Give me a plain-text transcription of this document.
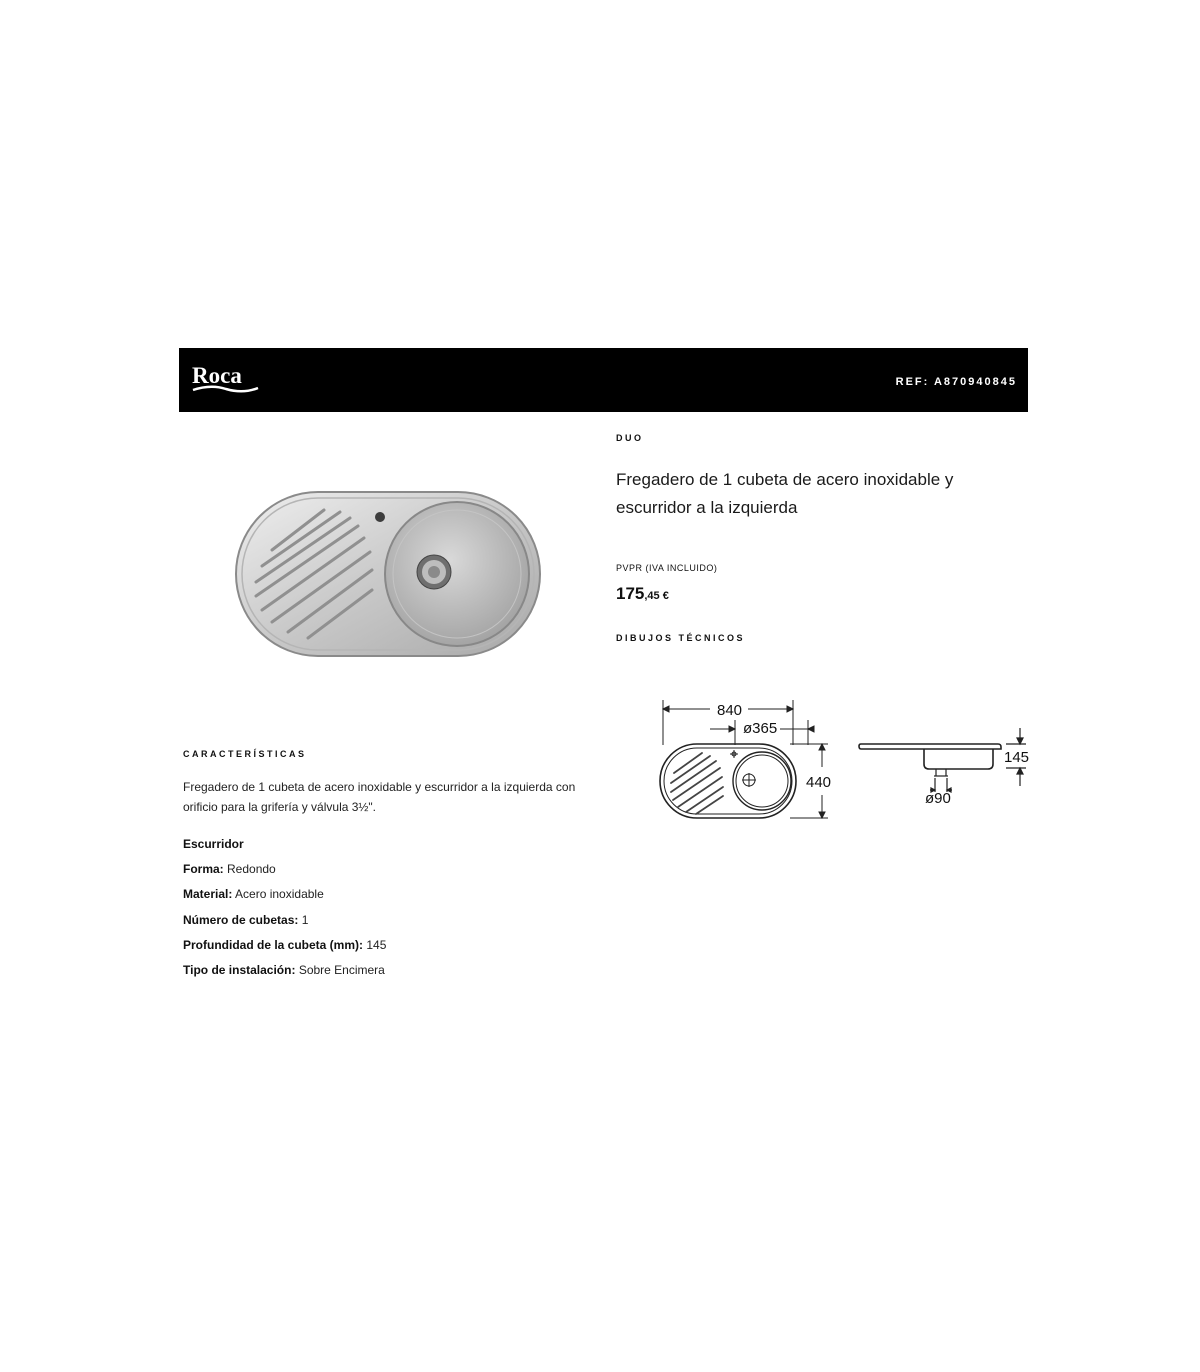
Roca	REF: A870940845
DUO
Fregadero de 1 cubeta de acero inoxidable y escurridor a la izquierda
PVPR (IVA INCLUIDO)
175,45 €
DIBUJOS TÉCNICOS
840
ø365
440
145
ø90
CARACTERÍSTICAS
Fregadero de 1 cubeta de acero inoxidable y escurridor a la izquierda con orificio para la grifería y válvula 3½".
Escurridor
Forma: Redondo
Material: Acero inoxidable
Número de cubetas: 1
Profundidad de la cubeta (mm): 145
Tipo de instalación: Sobre Encimera
